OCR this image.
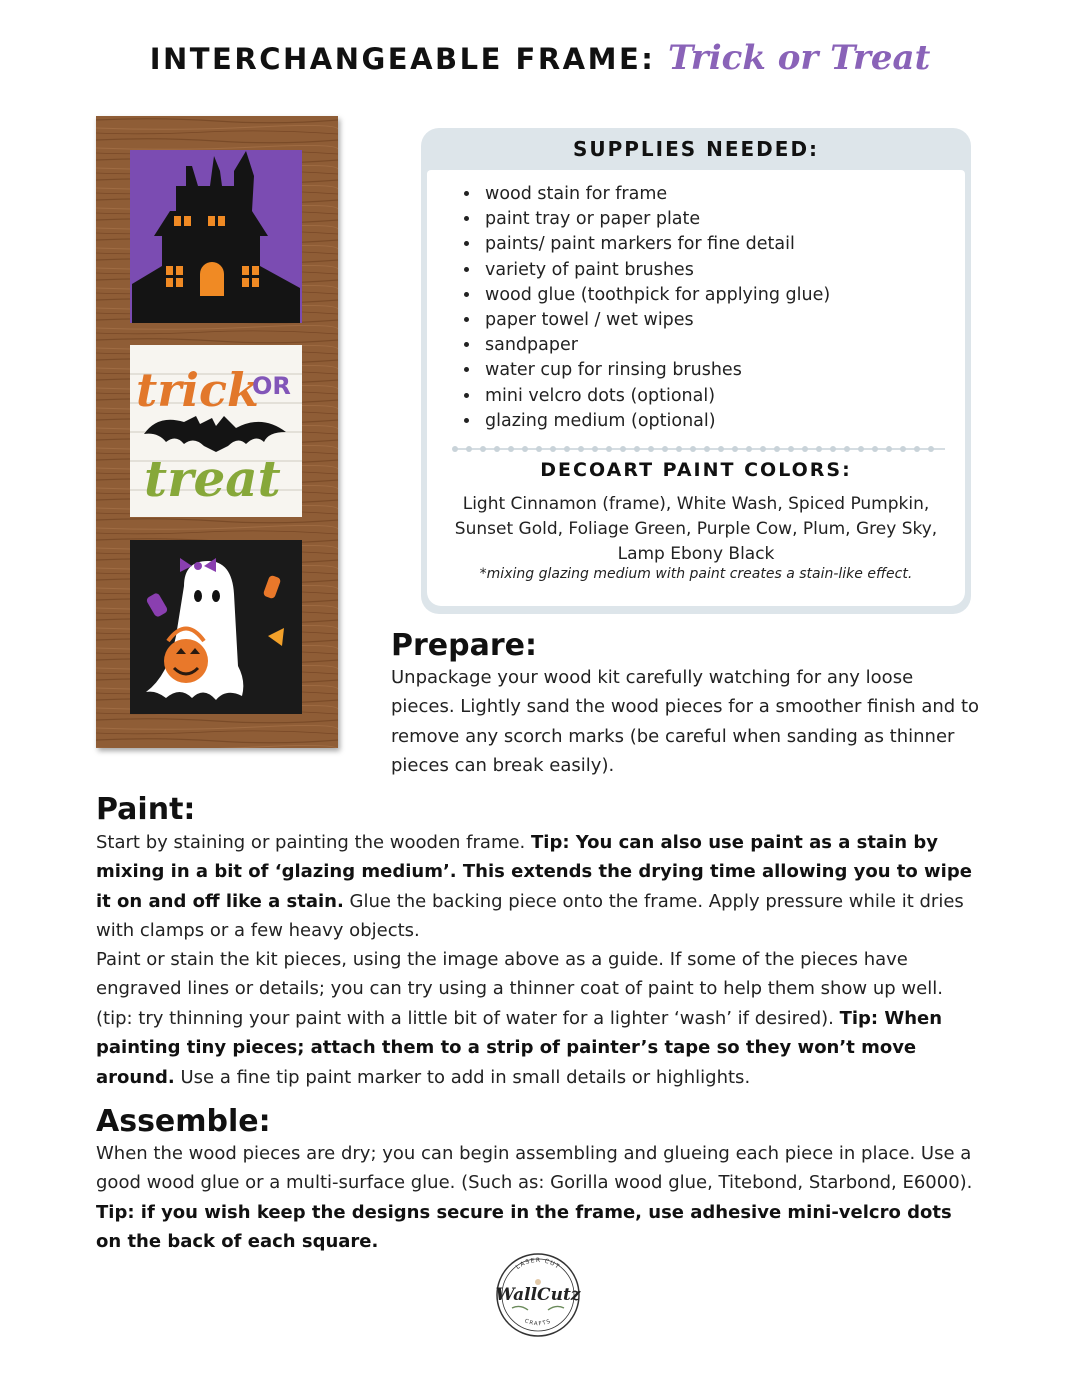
INTERCHANGEABLE FRAME: Trick or Treat
trick
OR
treat
SUPPLIES NEEDED:
• wood stain for frame
• paint tray or paper plate
• paints/ paint markers for fine detail
• variety of paint brushes
• wood glue (toothpick for applying glue)
• paper towel / wet wipes
• sandpaper
• water cup for rinsing brushes
• mini velcro dots (optional)
• glazing medium (optional)
DECOART PAINT COLORS:
Light Cinnamon (frame), White Wash, Spiced Pumpkin, Sunset Gold, Foliage Green, Purple Cow, Plum, Grey Sky, Lamp Ebony Black
*mixing glazing medium with paint creates a stain-like effect.
Prepare:
Unpackage your wood kit carefully watching for any loose pieces. Lightly sand the wood pieces for a smoother finish and to remove any scorch marks (be careful when sanding as thinner pieces can break easily).
Paint:
Start by staining or painting the wooden frame. Tip: You can also use paint as a stain by mixing in a bit of ‘glazing medium’. This extends the drying time allowing you to wipe it on and off like a stain. Glue the backing piece onto the frame. Apply pressure while it dries with clamps or a few heavy objects.
Paint or stain the kit pieces, using the image above as a guide. If some of the pieces have engraved lines or details; you can try using a thinner coat of paint to help them show up well. (tip: try thinning your paint with a little bit of water for a lighter ‘wash’ if desired). Tip: When painting tiny pieces; attach them to a strip of painter’s tape so they won’t move around. Use a fine tip paint marker to add in small details or highlights.
Assemble:
When the wood pieces are dry; you can begin assembling and glueing each piece in place. Use a good wood glue or a multi-surface glue. (Such as: Gorilla wood glue, Titebond, Starbond, E6000). Tip: if you wish keep the designs secure in the frame, use adhesive mini-velcro dots on the back of each square.
LASER CUT
WallCutz
CRAFTS
